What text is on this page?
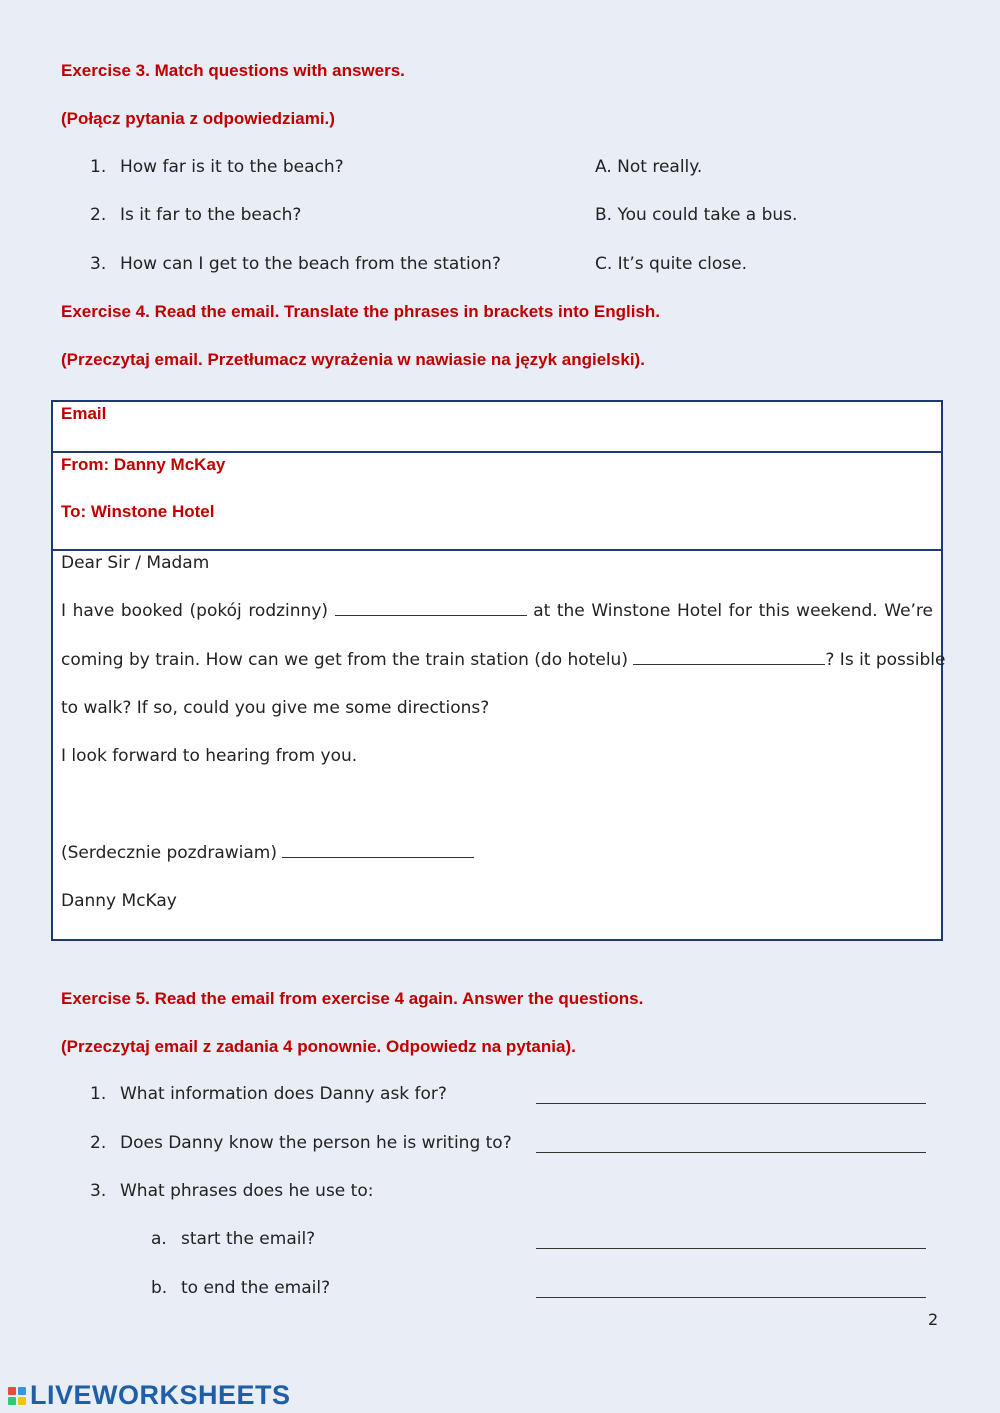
Exercise 3. Match questions with answers.
(Połącz pytania z odpowiedziami.)
1. How far is it to the beach?
2. Is it far to the beach?
3. How can I get to the beach from the station?
A. Not really.
B. You could take a bus.
C. It’s quite close.
Exercise 4. Read the email. Translate the phrases in brackets into English.
(Przeczytaj email. Przetłumacz wyrażenia w nawiasie na język angielski).
Email
From: Danny McKay
To: Winstone Hotel
Dear Sir / Madam
I have booked (pokój rodzinny)	at the Winstone Hotel for this weekend. We’re
coming by train. How can we get from the train station (do hotelu)	? Is it possible
to walk? If so, could you give me some directions?
I look forward to hearing from you.
(Serdecznie pozdrawiam)
Danny McKay
Exercise 5. Read the email from exercise 4 again. Answer the questions.
(Przeczytaj email z zadania 4 ponownie. Odpowiedz na pytania).
1. What information does Danny ask for?
2. Does Danny know the person he is writing to?
3. What phrases does he use to:
a. start the email?
b. to end the email?
2
LIVEWORKSHEETS
